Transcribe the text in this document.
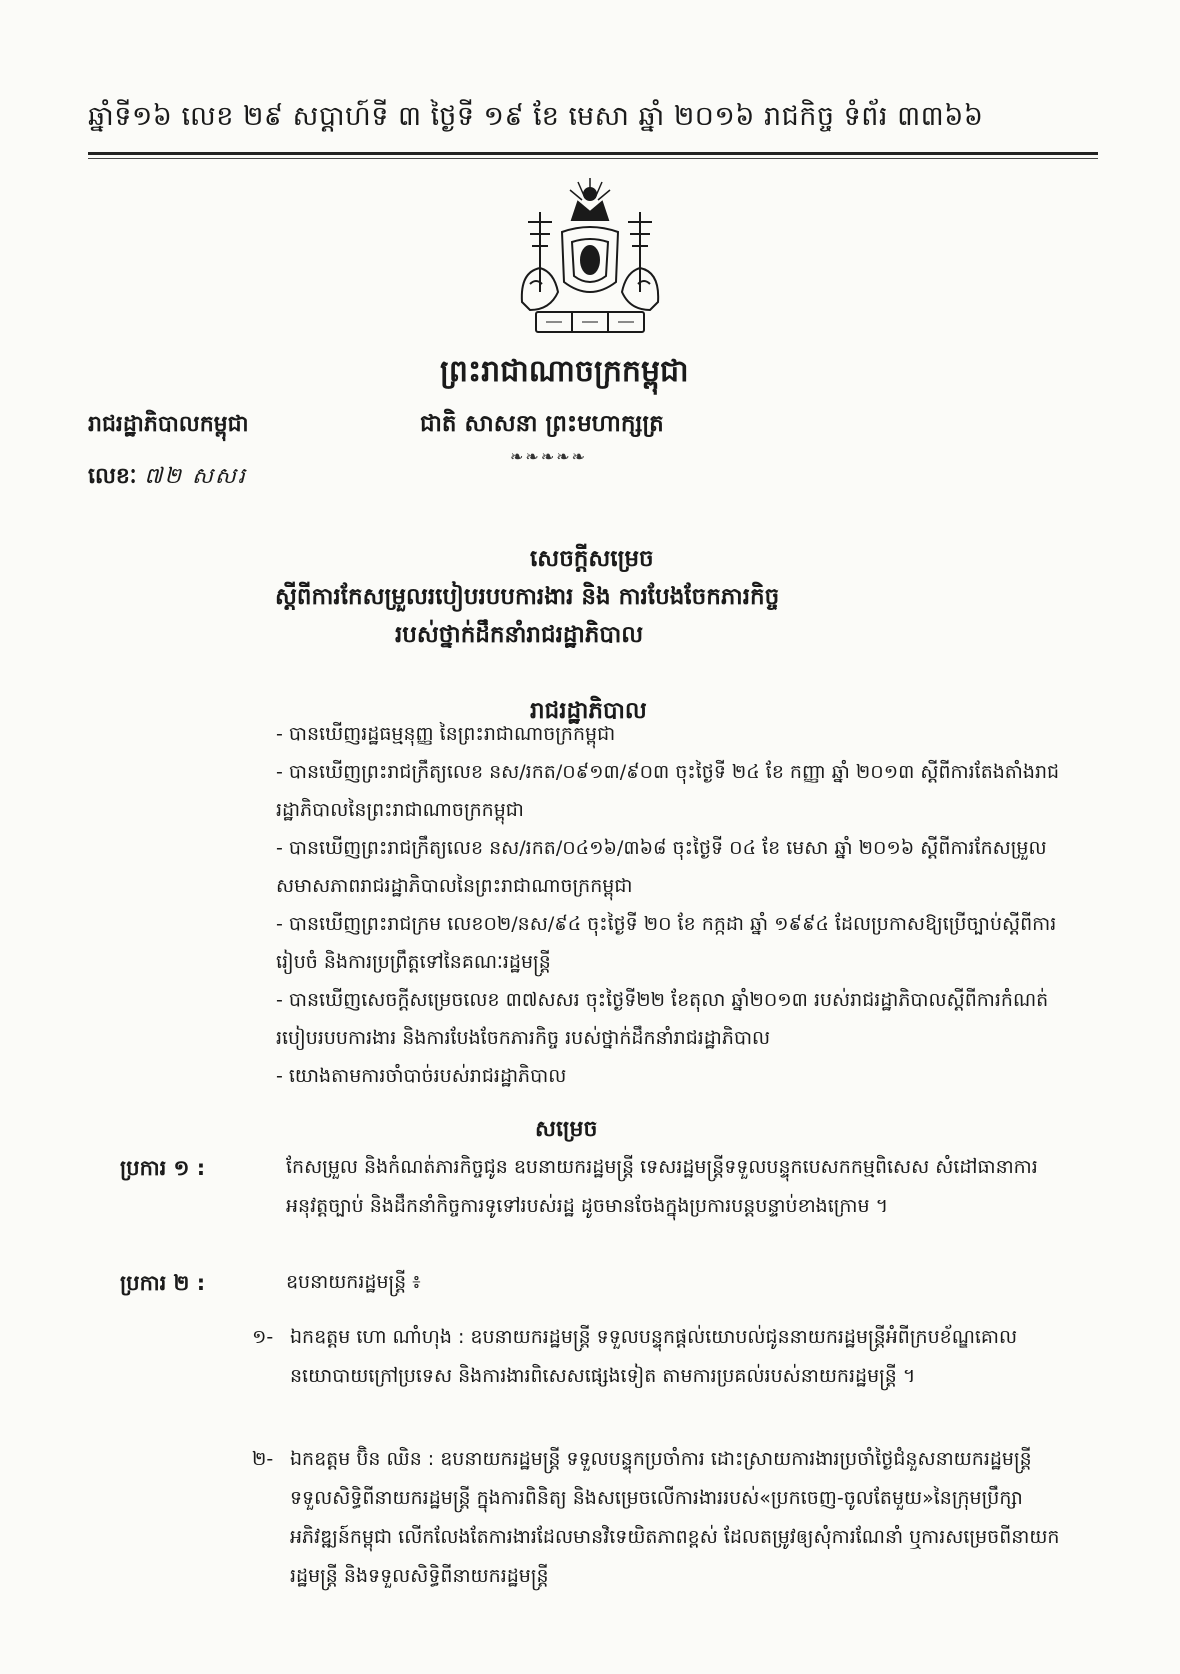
ឆ្នាំទី១៦ លេខ ២៩ សប្តាហ៍ទី ៣ ថ្ងៃទី ១៩ ខែ មេសា ឆ្នាំ ២០១៦ រាជកិច្ច ទំព័រ ៣៣៦៦
ព្រះរាជាណាចក្រកម្ពុជា
រាជរដ្ឋាភិបាលកម្ពុជា	ជាតិ សាសនា ព្រះមហាក្សត្រ
❧❧❧❧❧
លេខៈ ៧២ សសរ
សេចក្តីសម្រេច
ស្តីពីការកែសម្រួលរបៀបរបបការងារ និង ការបែងចែកភារកិច្ច
របស់ថ្នាក់ដឹកនាំរាជរដ្ឋាភិបាល
រាជរដ្ឋាភិបាល
- បានឃើញរដ្ឋធម្មនុញ្ញ នៃព្រះរាជាណាចក្រកម្ពុជា
- បានឃើញព្រះរាជក្រឹត្យលេខ នស/រកត/០៩១៣/៩០៣ ចុះថ្ងៃទី ២៤ ខែ កញ្ញា ឆ្នាំ ២០១៣ ស្តីពីការតែងតាំងរាជរដ្ឋាភិបាលនៃព្រះរាជាណាចក្រកម្ពុជា
- បានឃើញព្រះរាជក្រឹត្យលេខ នស/រកត/០៤១៦/៣៦៨ ចុះថ្ងៃទី ០៤ ខែ មេសា ឆ្នាំ ២០១៦ ស្តីពីការកែសម្រួលសមាសភាពរាជរដ្ឋាភិបាលនៃព្រះរាជាណាចក្រកម្ពុជា
- បានឃើញព្រះរាជក្រម លេខ០២/នស/៩៤ ចុះថ្ងៃទី ២០ ខែ កក្កដា ឆ្នាំ ១៩៩៤ ដែលប្រកាសឱ្យប្រើច្បាប់ស្តីពីការរៀបចំ និងការប្រព្រឹត្តទៅនៃគណៈរដ្ឋមន្ត្រី
- បានឃើញសេចក្តីសម្រេចលេខ ៣៧សសរ ចុះថ្ងៃទី២២ ខែតុលា ឆ្នាំ២០១៣ របស់រាជរដ្ឋាភិបាលស្តីពីការកំណត់របៀបរបបការងារ និងការបែងចែកភារកិច្ច របស់ថ្នាក់ដឹកនាំរាជរដ្ឋាភិបាល
- យោងតាមការចាំបាច់របស់រាជរដ្ឋាភិបាល
សម្រេច
ប្រការ ១ :	កែសម្រួល និងកំណត់ភារកិច្ចជូន ឧបនាយករដ្ឋមន្ត្រី ទេសរដ្ឋមន្ត្រីទទួលបន្ទុកបេសកកម្មពិសេស សំដៅធានាការអនុវត្តច្បាប់ និងដឹកនាំកិច្ចការទូទៅរបស់រដ្ឋ ដូចមានចែងក្នុងប្រការបន្តបន្ទាប់ខាងក្រោម ។
ប្រការ ២ :	ឧបនាយករដ្ឋមន្ត្រី ៖
១- ឯកឧត្តម ហោ ណាំហុង : ឧបនាយករដ្ឋមន្ត្រី ទទួលបន្ទុកផ្តល់យោបល់ជូននាយករដ្ឋមន្ត្រីអំពីក្របខ័ណ្ឌគោលនយោបាយក្រៅប្រទេស និងការងារពិសេសផ្សេងទៀត តាមការប្រគល់របស់នាយករដ្ឋមន្ត្រី ។
២- ឯកឧត្តម ប៊ិន ឈិន : ឧបនាយករដ្ឋមន្ត្រី ទទួលបន្ទុកប្រចាំការ ដោះស្រាយការងារប្រចាំថ្ងៃជំនួសនាយករដ្ឋមន្ត្រី ទទួលសិទ្ធិពីនាយករដ្ឋមន្ត្រី ក្នុងការពិនិត្យ និងសម្រេចលើការងាររបស់«ប្រកចេញ-ចូលតែមួយ»នៃក្រុមប្រឹក្សាអភិវឌ្ឍន៍កម្ពុជា លើកលែងតែការងារដែលមានវិទេយិតភាពខ្ពស់ ដែលតម្រូវឲ្យសុំការណែនាំ ឬការសម្រេចពីនាយករដ្ឋមន្ត្រី និងទទួលសិទ្ធិពីនាយករដ្ឋមន្ត្រី
